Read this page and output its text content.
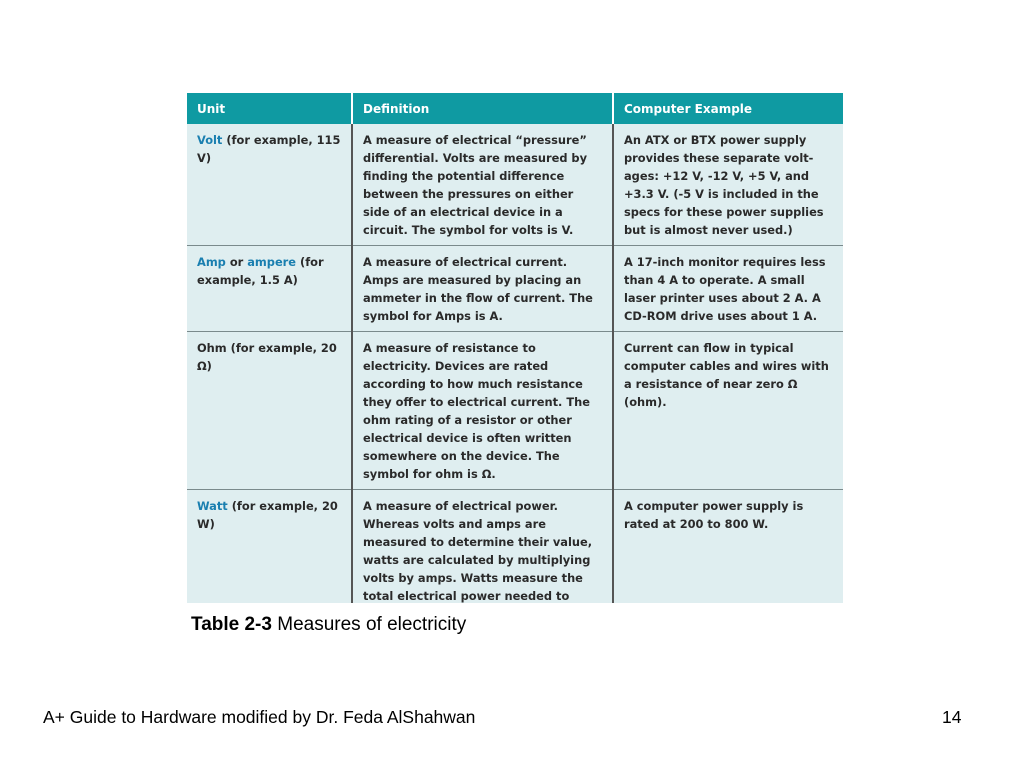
Unit	Definition	Computer Example
Volt (for example, 115 V)	A measure of electrical “pressure” differential. Volts are measured by finding the potential difference between the pressures on either side of an electrical device in a circuit. The symbol for volts is V.	An ATX or BTX power supply provides these separate volt-ages: +12 V, -12 V, +5 V, and +3.3 V. (-5 V is included in the specs for these power supplies but is almost never used.)
Amp or ampere (for example, 1.5 A)	A measure of electrical current. Amps are measured by placing an ammeter in the flow of current. The symbol for Amps is A.	A 17-inch monitor requires less than 4 A to operate. A small laser printer uses about 2 A. A CD-ROM drive uses about 1 A.
Ohm (for example, 20 Ω)	A measure of resistance to electricity. Devices are rated according to how much resistance they offer to electrical current. The ohm rating of a resistor or other electrical device is often written somewhere on the device. The symbol for ohm is Ω.	Current can flow in typical computer cables and wires with a resistance of near zero Ω (ohm).
Watt (for example, 20 W)	A measure of electrical power. Whereas volts and amps are measured to determine their value, watts are calculated by multiplying volts by amps. Watts measure the total electrical power needed to	A computer power supply is rated at 200 to 800 W.
Table 2-3 Measures of electricity
A+ Guide to Hardware modified by Dr. Feda AlShahwan	14
